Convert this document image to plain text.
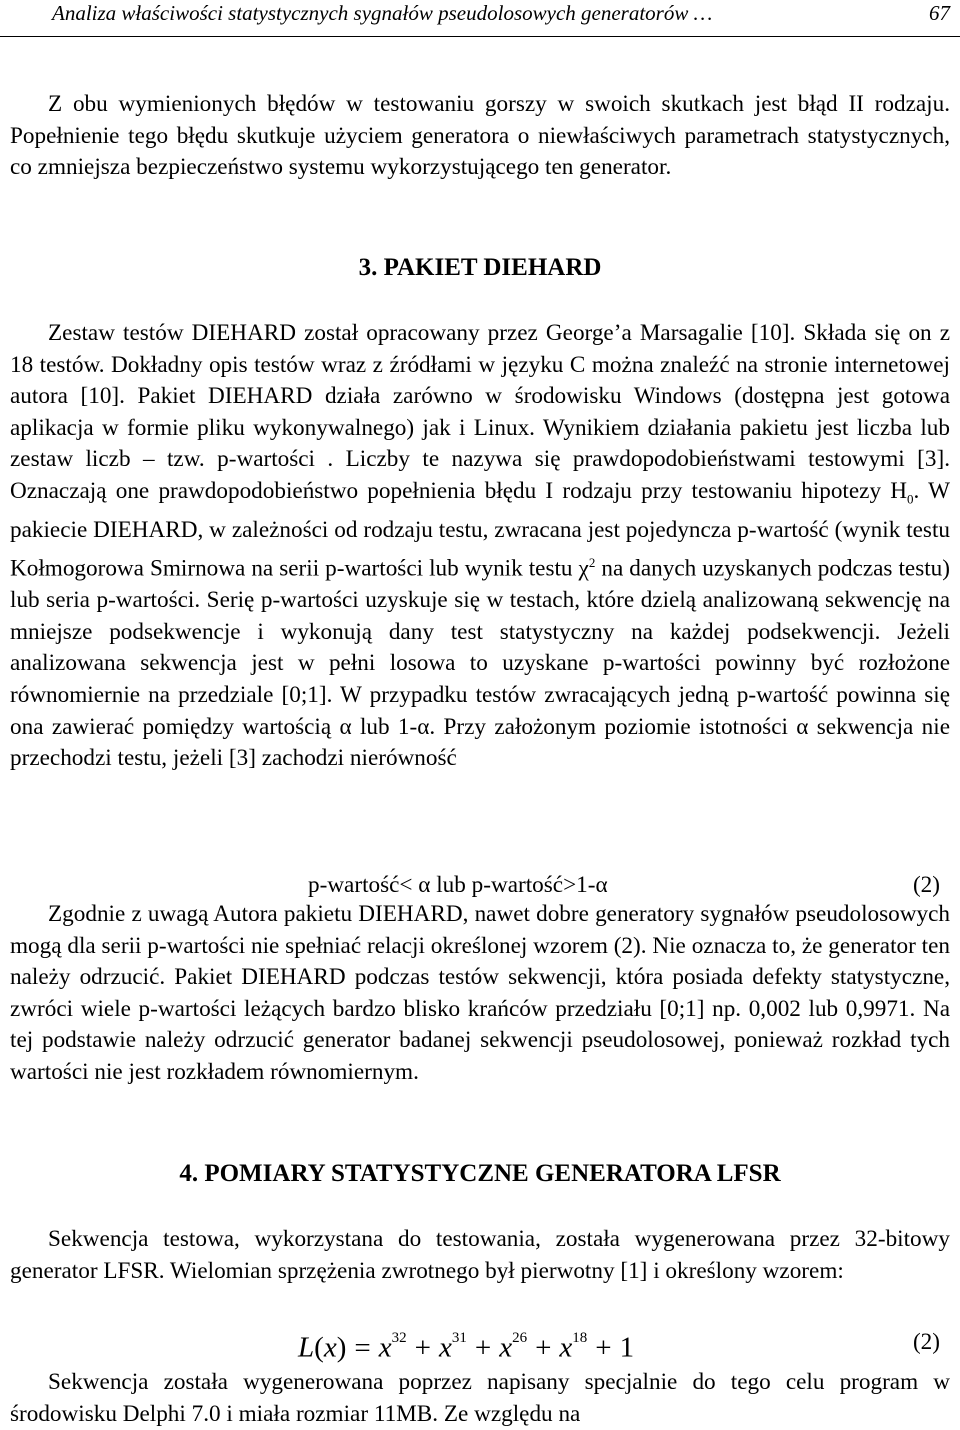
Analiza właściwości statystycznych sygnałów pseudolosowych generatorów …	67
Z obu wymienionych błędów w testowaniu gorszy w swoich skutkach jest błąd II rodzaju. Popełnienie tego błędu skutkuje użyciem generatora o niewłaściwych parametrach statystycznych, co zmniejsza bezpieczeństwo systemu wykorzystującego ten generator.
3. PAKIET DIEHARD
Zestaw testów DIEHARD został opracowany przez George’a Marsagalie [10]. Składa się on z 18 testów. Dokładny opis testów wraz z źródłami w języku C można znaleźć na stronie internetowej autora [10]. Pakiet DIEHARD działa zarówno w środowisku Windows (dostępna jest gotowa aplikacja w formie pliku wykonywalnego) jak i Linux. Wynikiem działania pakietu jest liczba lub zestaw liczb – tzw. p-wartości . Liczby te nazywa się prawdopodobieństwami testowymi [3]. Oznaczają one prawdopodobieństwo popełnienia błędu I rodzaju przy testowaniu hipotezy $H_0$. W pakiecie DIEHARD, w zależności od rodzaju testu, zwracana jest pojedyncza p-wartość (wynik testu Kołmogorowa Smirnowa na serii p-wartości lub wynik testu $\chi^2$ na danych uzyskanych podczas testu) lub seria p-wartości. Serię p-wartości uzyskuje się w testach, które dzielą analizowaną sekwencję na mniejsze podsekwencje i wykonują dany test statystyczny na każdej podsekwencji. Jeżeli analizowana sekwencja jest w pełni losowa to uzyskane p-wartości powinny być rozłożone równomiernie na przedziale [0;1]. W przypadku testów zwracających jedną p-wartość powinna się ona zawierać pomiędzy wartością α lub 1-α. Przy założonym poziomie istotności α sekwencja nie przechodzi testu, jeżeli [3] zachodzi nierówność
p-wartość< α lub p-wartość>1-α	(2)
Zgodnie z uwagą Autora pakietu DIEHARD, nawet dobre generatory sygnałów pseudolosowych mogą dla serii p-wartości nie spełniać relacji określonej wzorem (2). Nie oznacza to, że generator ten należy odrzucić. Pakiet DIEHARD podczas testów sekwencji, która posiada defekty statystyczne, zwróci wiele p-wartości leżących bardzo blisko krańców przedziału [0;1] np. 0,002 lub 0,9971. Na tej podstawie należy odrzucić generator badanej sekwencji pseudolosowej, ponieważ rozkład tych wartości nie jest rozkładem równomiernym.
4. POMIARY STATYSTYCZNE GENERATORA LFSR
Sekwencja testowa, wykorzystana do testowania, została wygenerowana przez 32-bitowy generator LFSR. Wielomian sprzężenia zwrotnego był pierwotny [1] i określony wzorem:
$L(x) = x^{32} + x^{31} + x^{26} + x^{18} + 1$	(2)
Sekwencja została wygenerowana poprzez napisany specjalnie do tego celu program w środowisku Delphi 7.0 i miała rozmiar 11MB. Ze względu na
